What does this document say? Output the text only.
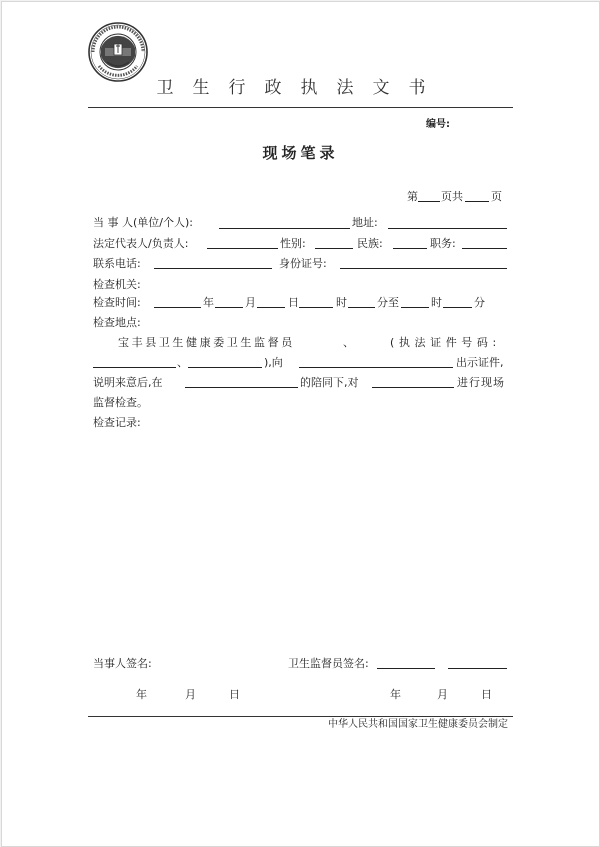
卫生行政执法文书
编号:
现场笔录
第 页共	页
当 事 人(单位/个人):	地址:
法定代表人/负责人:	性别:	民族:	职务:
联系电话:	身份证号:
检查机关:
检查时间:	年	月	日	时	分至	时	分
检查地点:
宝丰县卫生健康委卫生监督员	、	(执法证件号码:
、	),向	出示证件,
说明来意后,在	的陪同下,对	进行现场
监督检查。
检查记录:
当事人签名:	卫生监督员签名:
年	月	日	年	月	日
中华人民共和国国家卫生健康委员会制定
